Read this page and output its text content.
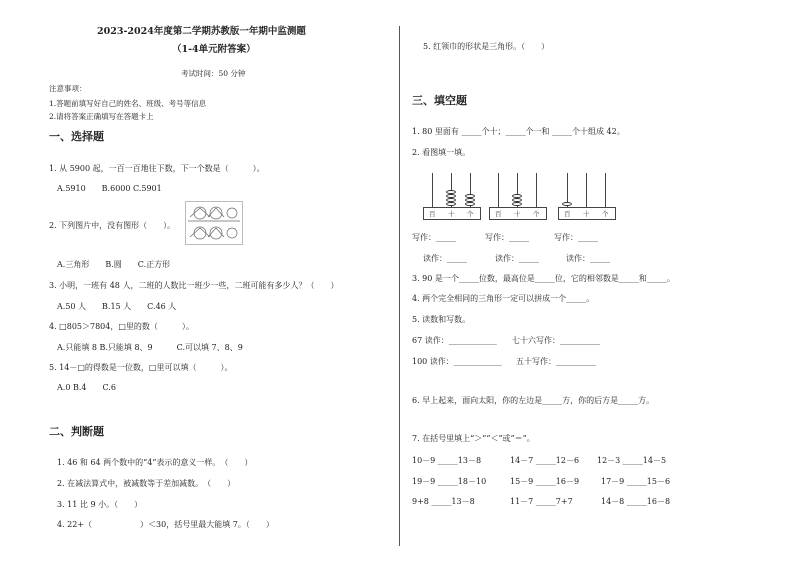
2023-2024年度第二学期苏教版一年期中监测题
（1-4单元附答案）
考试时间：50 分钟
注意事项：
1.答题前填写好自己的姓名、班级、考号等信息
2.请将答案正确填写在答题卡上
一、选择题
1. 从 5900 起，一百一百地往下数，下一个数是（　　　）。
A.5910　　B.6000 C.5901
2. 下列图片中，没有图形（　　）。
A.三角形　　B.圆　　C.正方形
3. 小明，一班有 48 人，二班的人数比一班少一些，二班可能有多少人？（　　）
A.50 人　　B.15 人　　C.46 人
4. □805＞7804，□里的数（　　　）。
A.只能填 8 B.只能填 8、9　　　C.可以填 7、8、9
5. 14－□的得数是一位数，□里可以填（　　　）。
A.0 B.4　　C.6
二、判断题
1. 46 和 64 两个数中的“4”表示的意义一样。　（　　）
2. 在减法算式中，被减数等于差加减数。　（　　）
3. 11 比 9 小。（　　）
4. 22+（　　　　　　）＜30，括号里最大能填 7。（　　）
5. 红领巾的形状是三角形。（　　）
三、填空题
1. 80 里面有 _____个十；_____个一和 _____个十组成 42。
2. 看图填一填。
百 十 个	百 十 个	百 十 个
写作：_____	写作：_____	写作：_____
读作：_____	读作：_____	读作：_____
3. 90 是一个_____位数，最高位是_____位，它的相邻数是_____和_____。
4. 两个完全相同的三角形一定可以拼成一个_____。
5. 读数和写数。
67 读作：____________ 七十六写作：__________
100 读作：____________ 五十写作：__________
6. 早上起来，面向太阳，你的左边是_____方，你的后方是_____方。
7. 在括号里填上“＞”“＜”或“＝”。
10－9 _____13－8	14－7 _____12－6 12－3 _____14－5
19－9 _____18－10	15－9 _____16－9	17－9 _____15－6
9+8 _____13－8	11－7 _____7+7	14－8 _____16－8
